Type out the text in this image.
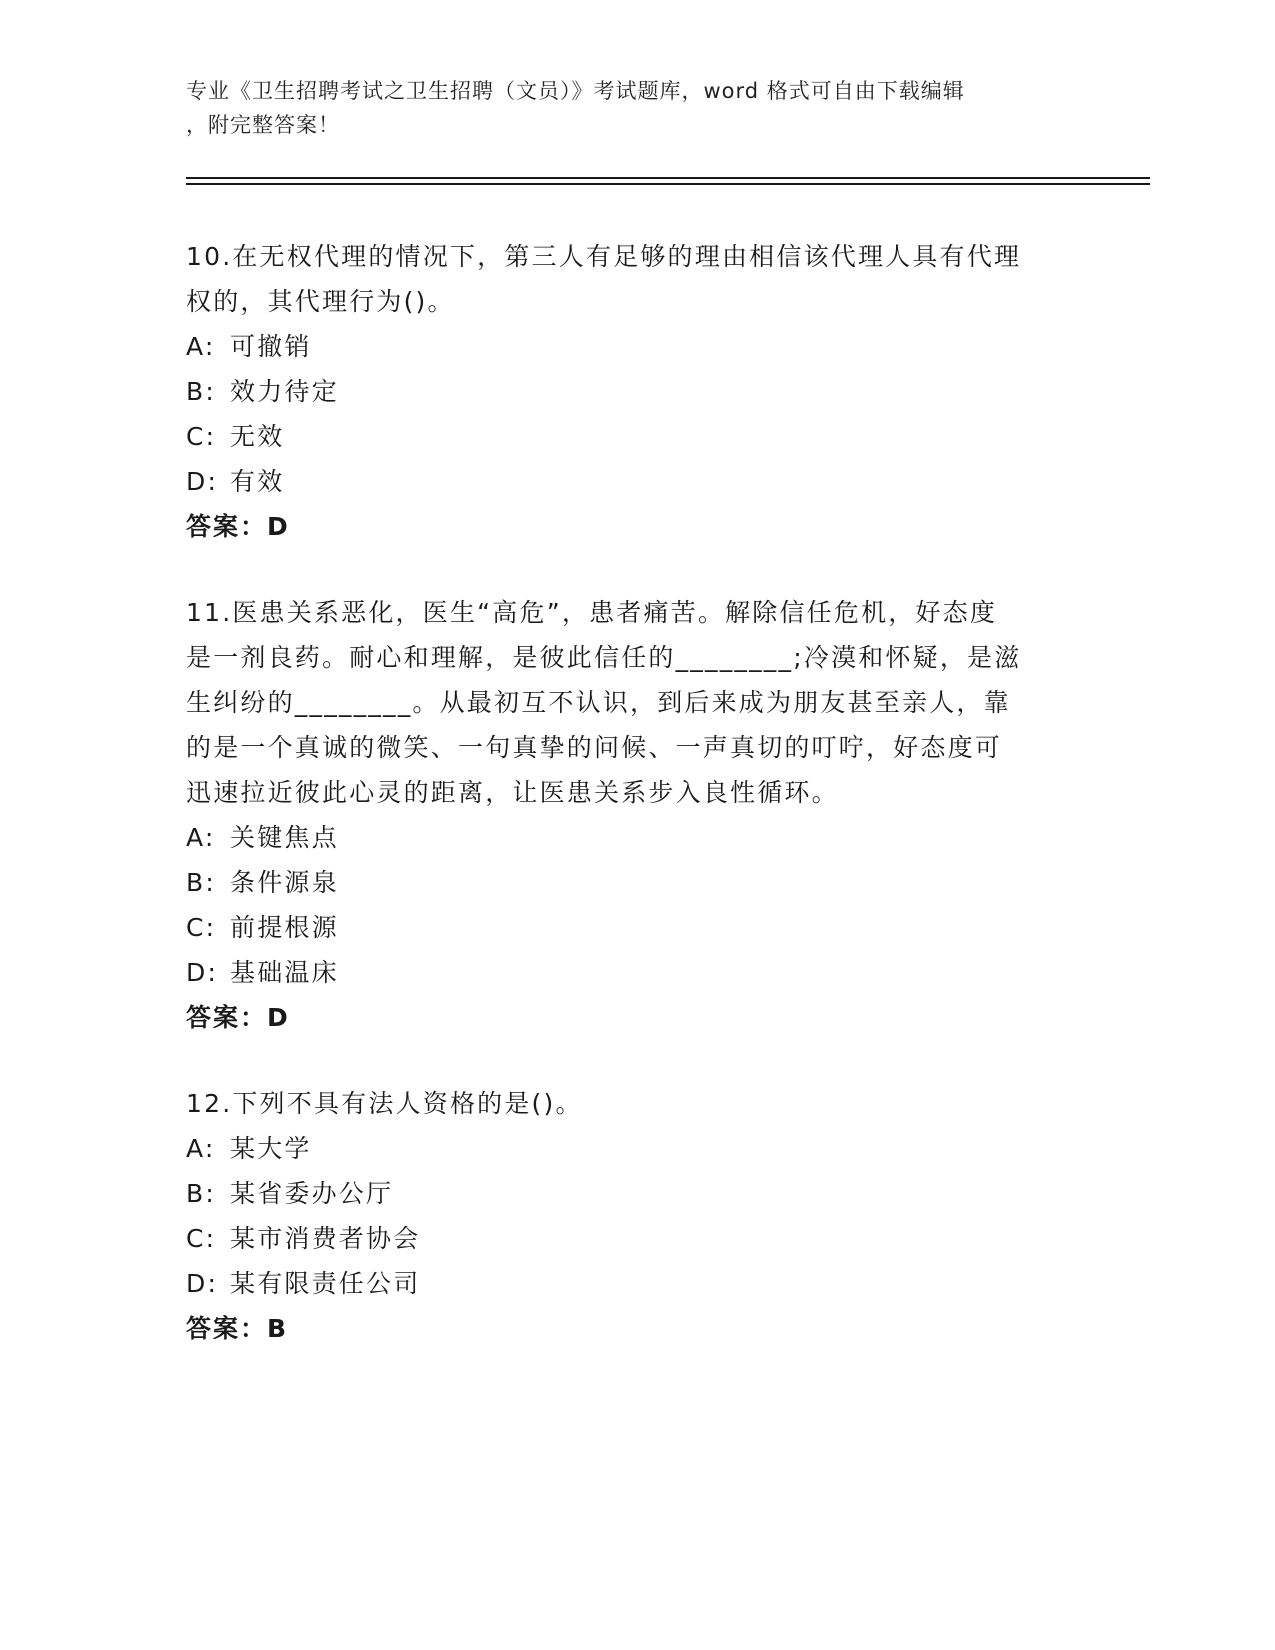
专业《卫生招聘考试之卫生招聘（文员）》考试题库，word 格式可自由下载编辑

，附完整答案！

10.在无权代理的情况下，第三人有足够的理由相信该代理人具有代理

权的，其代理行为()。

A: 可撤销

B: 效力待定

C: 无效

D: 有效

答案：D

11.医患关系恶化，医生“高危”，患者痛苦。解除信任危机，好态度

是一剂良药。耐心和理解，是彼此信任的________;冷漠和怀疑，是滋

生纠纷的________。从最初互不认识，到后来成为朋友甚至亲人，靠

的是一个真诚的微笑、一句真挚的问候、一声真切的叮咛，好态度可

迅速拉近彼此心灵的距离，让医患关系步入良性循环。

A: 关键焦点

B: 条件源泉

C: 前提根源

D: 基础温床

答案：D

12.下列不具有法人资格的是()。

A: 某大学

B: 某省委办公厅

C: 某市消费者协会

D: 某有限责任公司

答案：B
